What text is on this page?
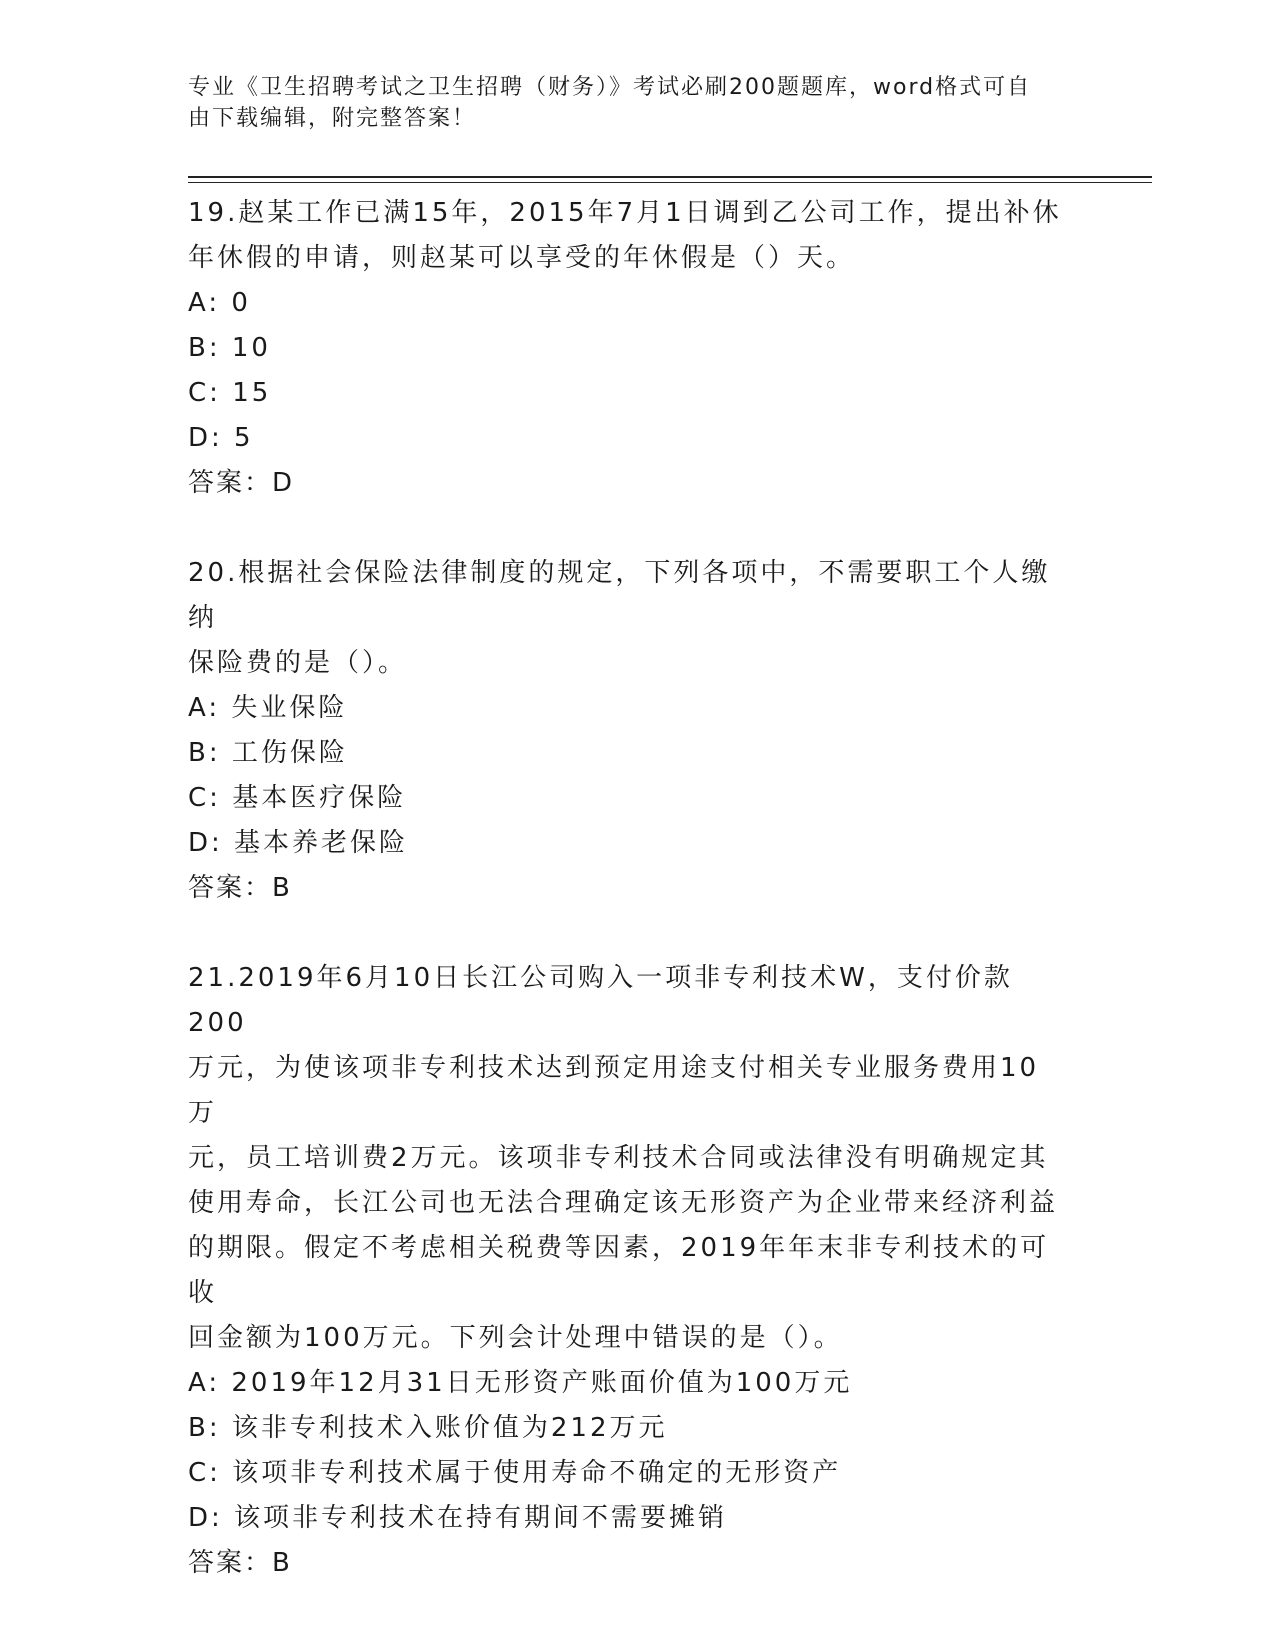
专业《卫生招聘考试之卫生招聘（财务）》考试必刷200题题库，word格式可自
由下载编辑，附完整答案！
19.赵某工作已满15年，2015年7月1日调到乙公司工作，提出补休
年休假的申请，则赵某可以享受的年休假是（）天。
A: 0
B: 10
C: 15
D: 5
答案：D
20.根据社会保险法律制度的规定，下列各项中，不需要职工个人缴纳
保险费的是（）。
A: 失业保险
B: 工伤保险
C: 基本医疗保险
D: 基本养老保险
答案：B
21.2019年6月10日长江公司购入一项非专利技术W，支付价款200
万元，为使该项非专利技术达到预定用途支付相关专业服务费用10万
元，员工培训费2万元。该项非专利技术合同或法律没有明确规定其
使用寿命，长江公司也无法合理确定该无形资产为企业带来经济利益
的期限。假定不考虑相关税费等因素，2019年年末非专利技术的可收
回金额为100万元。下列会计处理中错误的是（）。
A: 2019年12月31日无形资产账面价值为100万元
B: 该非专利技术入账价值为212万元
C: 该项非专利技术属于使用寿命不确定的无形资产
D: 该项非专利技术在持有期间不需要摊销
答案：B
